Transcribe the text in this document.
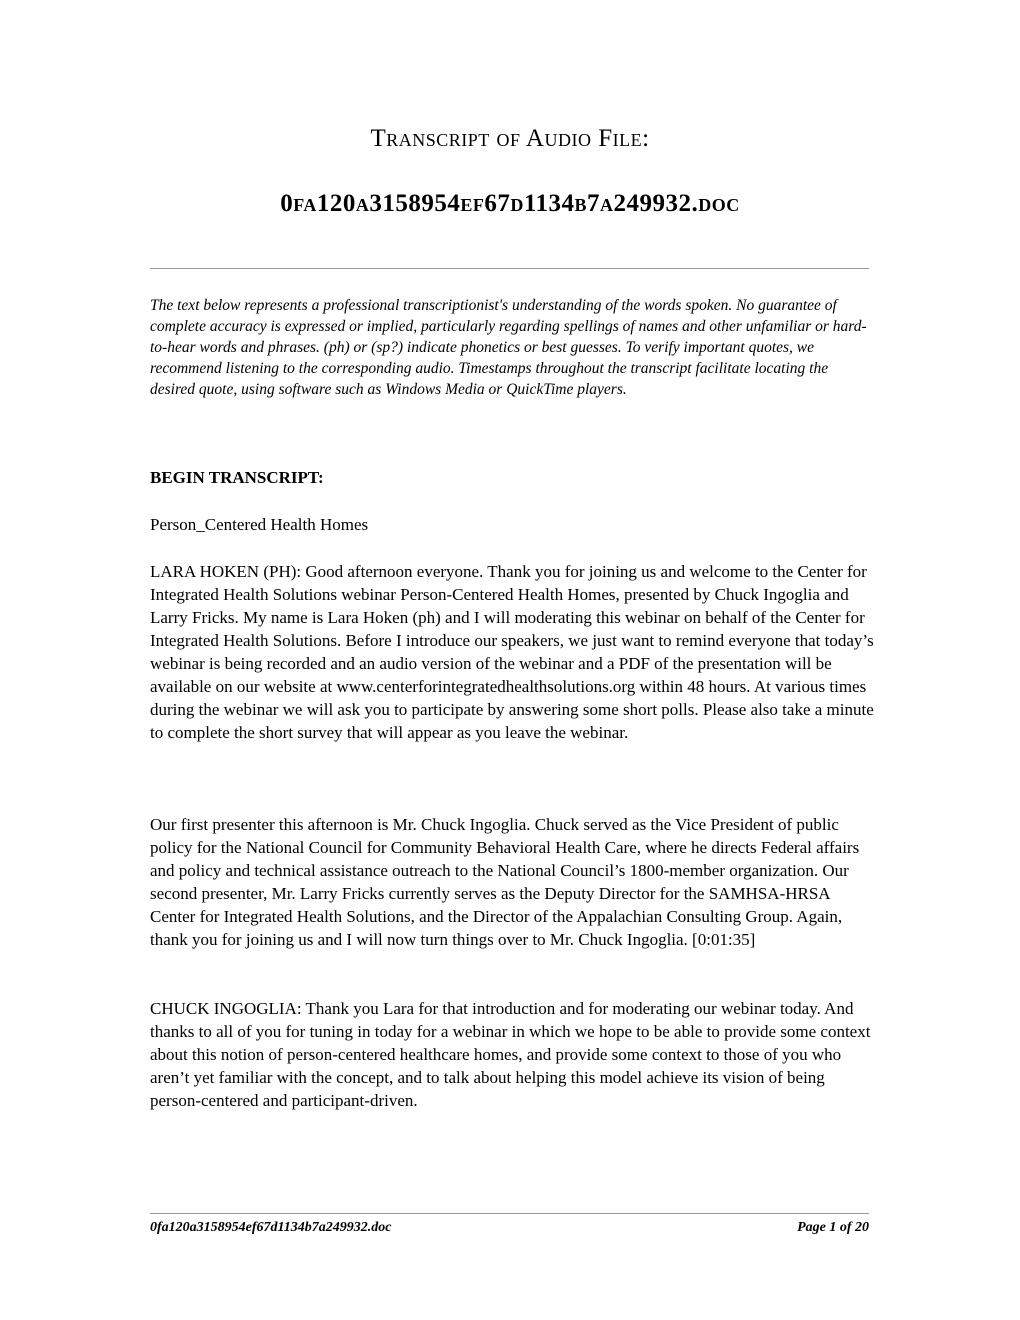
Transcript of Audio File:
0fa120a3158954ef67d1134b7a249932.doc

The text below represents a professional transcriptionist's understanding of the words spoken. No guarantee of complete accuracy is expressed or implied, particularly regarding spellings of names and other unfamiliar or hard-to-hear words and phrases. (ph) or (sp?) indicate phonetics or best guesses. To verify important quotes, we recommend listening to the corresponding audio. Timestamps throughout the transcript facilitate locating the desired quote, using software such as Windows Media or QuickTime players.

BEGIN TRANSCRIPT:

Person_Centered Health Homes

LARA HOKEN (PH): Good afternoon everyone. Thank you for joining us and welcome to the Center for Integrated Health Solutions webinar Person-Centered Health Homes, presented by Chuck Ingoglia and Larry Fricks. My name is Lara Hoken (ph) and I will moderating this webinar on behalf of the Center for Integrated Health Solutions. Before I introduce our speakers, we just want to remind everyone that today’s webinar is being recorded and an audio version of the webinar and a PDF of the presentation will be available on our website at www.centerforintegratedhealthsolutions.org within 48 hours. At various times during the webinar we will ask you to participate by answering some short polls. Please also take a minute to complete the short survey that will appear as you leave the webinar.

Our first presenter this afternoon is Mr. Chuck Ingoglia. Chuck served as the Vice President of public policy for the National Council for Community Behavioral Health Care, where he directs Federal affairs and policy and technical assistance outreach to the National Council’s 1800-member organization. Our second presenter, Mr. Larry Fricks currently serves as the Deputy Director for the SAMHSA-HRSA Center for Integrated Health Solutions, and the Director of the Appalachian Consulting Group. Again, thank you for joining us and I will now turn things over to Mr. Chuck Ingoglia. [0:01:35]

CHUCK INGOGLIA: Thank you Lara for that introduction and for moderating our webinar today. And thanks to all of you for tuning in today for a webinar in which we hope to be able to provide some context about this notion of person-centered healthcare homes, and provide some context to those of you who aren’t yet familiar with the concept, and to talk about helping this model achieve its vision of being person-centered and participant-driven.

0fa120a3158954ef67d1134b7a249932.doc	Page 1 of 20
